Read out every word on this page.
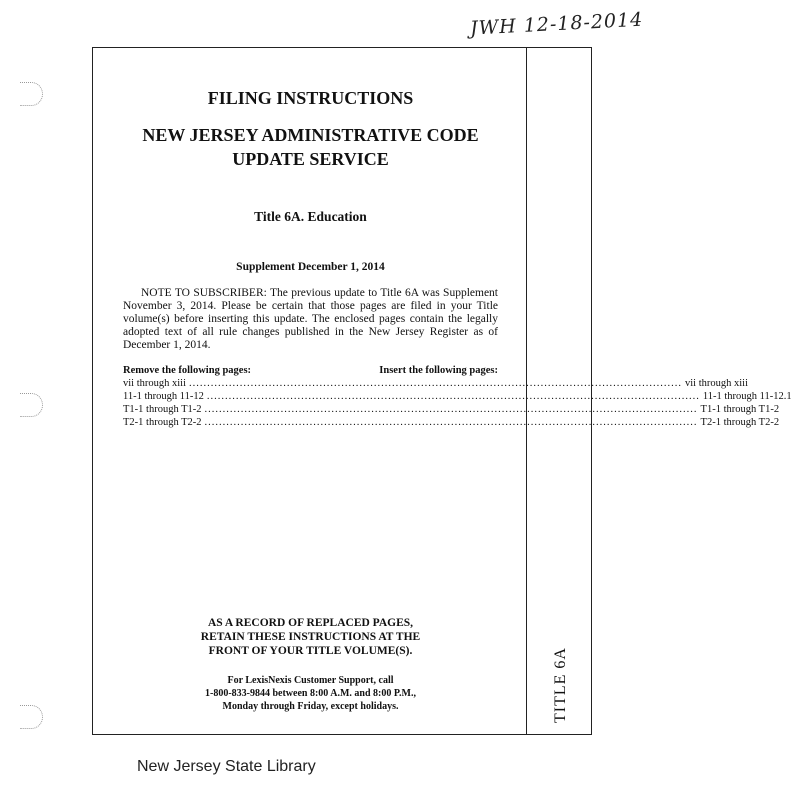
JWH 12-18-2014
TITLE 6A
FILING INSTRUCTIONS
NEW JERSEY ADMINISTRATIVE CODE
UPDATE SERVICE
Title 6A. Education
Supplement December 1, 2014
NOTE TO SUBSCRIBER: The previous update to Title 6A was Supplement November 3, 2014. Please be certain that those pages are filed in your Title volume(s) before inserting this update. The enclosed pages contain the legally adopted text of all rule changes published in the New Jersey Register as of December 1, 2014.
Remove the following pages:	Insert the following pages:
vii through xiii ........................................................................................................................................ vii through xiii
11-1 through 11-12 ........................................................................................................................................ 11-1 through 11-12.1
T1-1 through T1-2 ........................................................................................................................................ T1-1 through T1-2
T2-1 through T2-2 ........................................................................................................................................ T2-1 through T2-2
AS A RECORD OF REPLACED PAGES,
RETAIN THESE INSTRUCTIONS AT THE
FRONT OF YOUR TITLE VOLUME(S).
For LexisNexis Customer Support, call
1-800-833-9844 between 8:00 A.M. and 8:00 P.M.,
Monday through Friday, except holidays.
New Jersey State Library
